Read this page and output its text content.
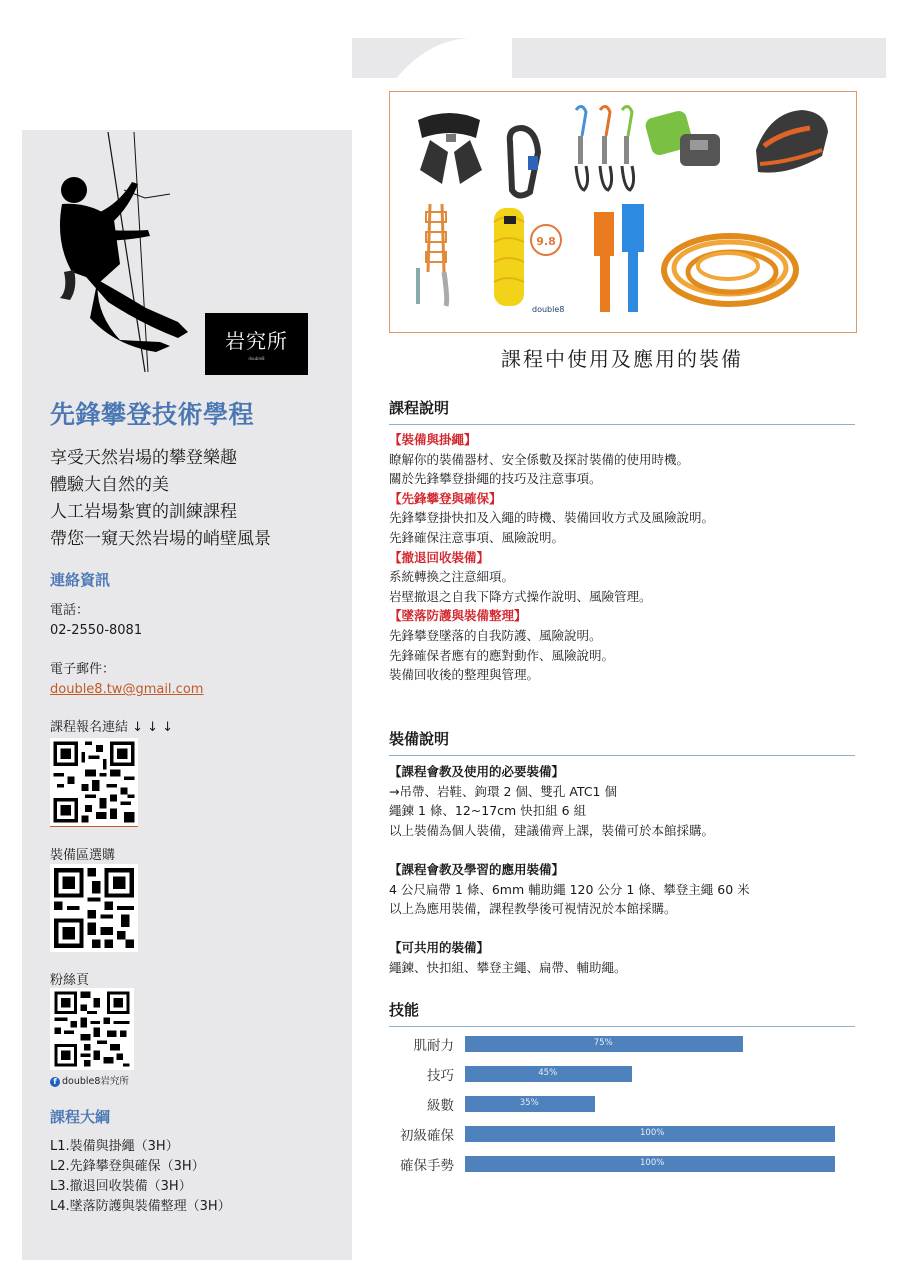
岩究所
double8
先鋒攀登技術學程
享受天然岩場的攀登樂趣
體驗大自然的美
人工岩場紮實的訓練課程
帶您一窺天然岩場的峭壁風景
連絡資訊
電話：
02-2550-8081
電子郵件：
double8.tw@gmail.com
課程報名連結 ↓ ↓ ↓
裝備區選購
粉絲頁
f double8岩究所
課程大綱
L1.裝備與掛繩（3H）
L2.先鋒攀登與確保（3H）
L3.撤退回收裝備（3H）
L4.墜落防護與裝備整理（3H）
9.8
double8
課程中使用及應用的裝備
課程說明
【裝備與掛繩】
瞭解你的裝備器材、安全係數及探討裝備的使用時機。
關於先鋒攀登掛繩的技巧及注意事項。
【先鋒攀登與確保】
先鋒攀登掛快扣及入繩的時機、裝備回收方式及風險說明。
先鋒確保注意事項、風險說明。
【撤退回收裝備】
系統轉換之注意細項。
岩壁撤退之自我下降方式操作說明、風險管理。
【墜落防護與裝備整理】
先鋒攀登墜落的自我防護、風險說明。
先鋒確保者應有的應對動作、風險說明。
裝備回收後的整理與管理。
裝備說明
【課程會教及使用的必要裝備】
→吊帶、岩鞋、鉤環 2 個、雙孔 ATC1 個
繩鍊 1 條、12~17cm 快扣組 6 組
以上裝備為個人裝備，建議備齊上課，裝備可於本館採購。
【課程會教及學習的應用裝備】
4 公尺扁帶 1 條、6mm 輔助繩 120 公分 1 條、攀登主繩 60 米
以上為應用裝備，課程教學後可視情況於本館採購。
【可共用的裝備】
繩鍊、快扣組、攀登主繩、扁帶、輔助繩。
技能
肌耐力	75%
技巧	45%
級數	35%
初級確保	100%
確保手勢	100%
